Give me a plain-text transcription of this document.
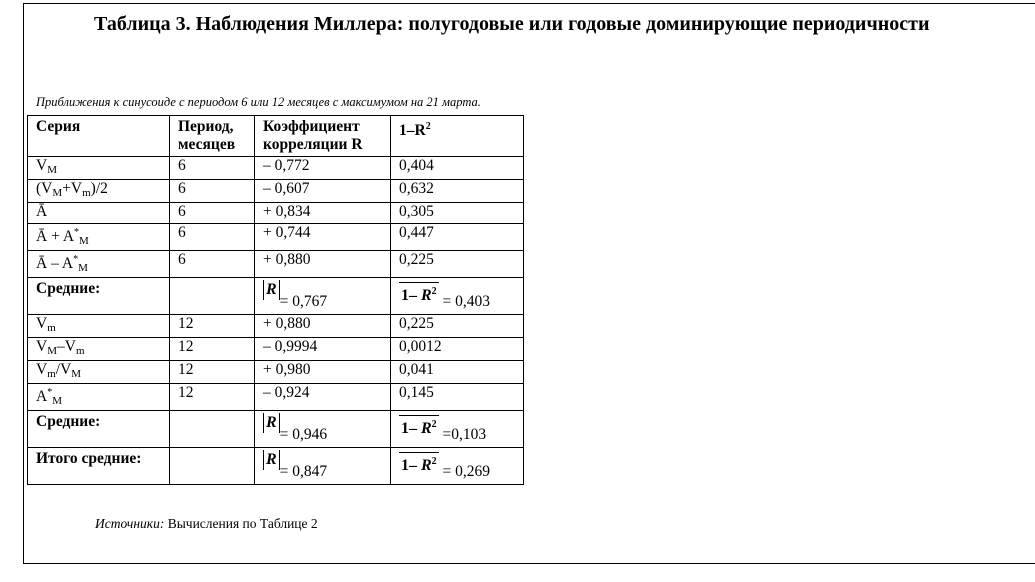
Таблица 3. Наблюдения Миллера: полугодовые или годовые доминирующие периодичности
Приближения к синусоиде с периодом 6 или 12 месяцев с максимумом на 21 марта.
Серия	Период, месяцев	Коэффициент корреляции R	$1-R^2$
$V_M$	6	– 0,772	0,404
$(V_M+V_m)/2$	6	– 0,607	0,632
Ā	6	+ 0,834	0,305
Ā + $A^*_M$	6	+ 0,744	0,447
Ā – $A^*_M$	6	+ 0,880	0,225
Средние:		R= 0,767	1– $R^2 = 0,403$
$V_m$	12	+ 0,880	0,225
$V_M-V_m$	12	– 0,9994	0,0012
$V_m/V_M$	12	+ 0,980	0,041
$A^*_M$	12	– 0,924	0,145
Средние:		R= 0,946	1– $R^2 =0,103$
Итого средние:		R= 0,847	1– $R^2 = 0,269$
Источники: Вычисления по Таблице 2
